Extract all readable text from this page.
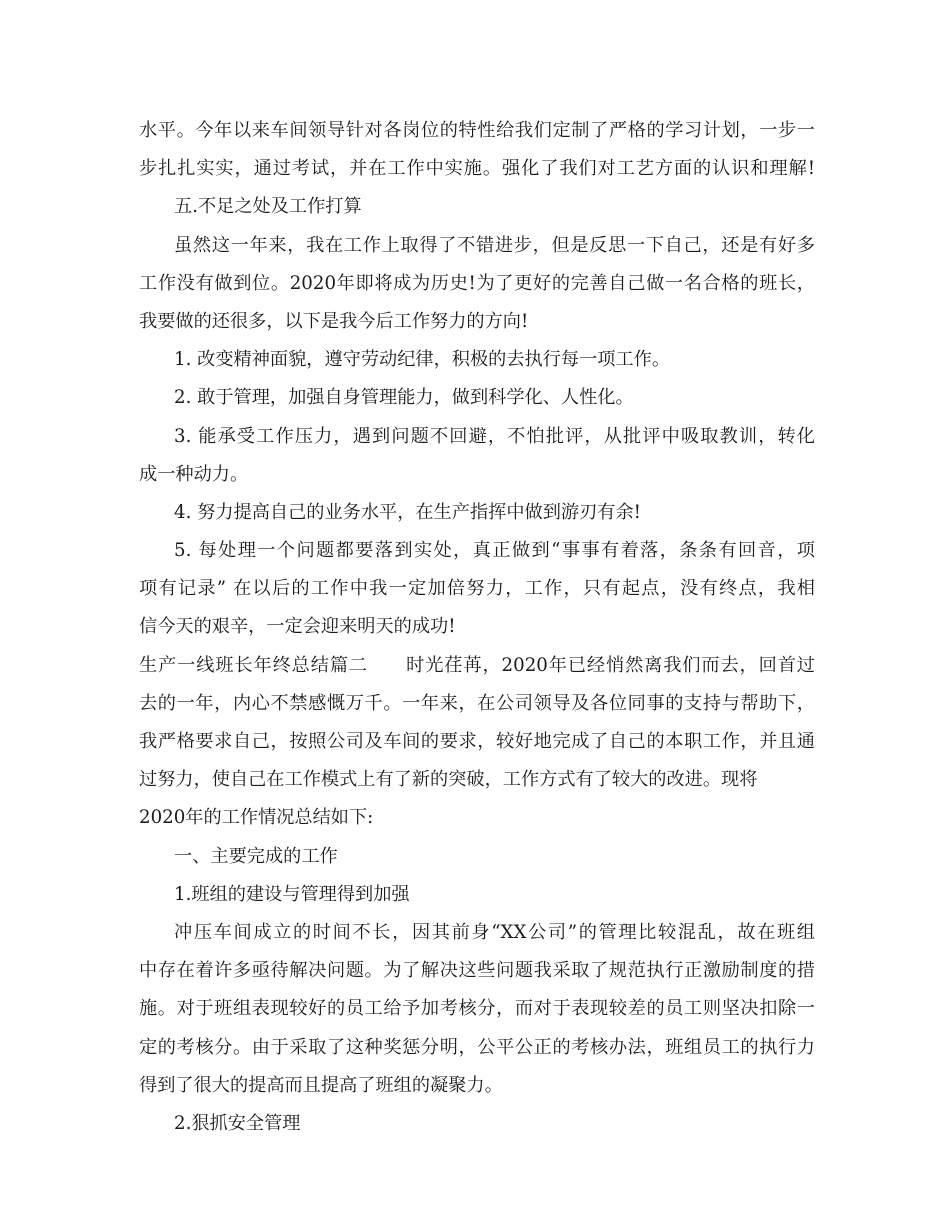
水平。今年以来车间领导针对各岗位的特性给我们定制了严格的学习计划，一步一
步扎扎实实，通过考试，并在工作中实施。强化了我们对工艺方面的认识和理解!
五.不足之处及工作打算
虽然这一年来，我在工作上取得了不错进步，但是反思一下自己，还是有好多
工作没有做到位。2020年即将成为历史!为了更好的完善自己做一名合格的班长，
我要做的还很多，以下是我今后工作努力的方向!
1. 改变精神面貌，遵守劳动纪律，积极的去执行每一项工作。
2. 敢于管理，加强自身管理能力，做到科学化、人性化。
3. 能承受工作压力，遇到问题不回避，不怕批评，从批评中吸取教训，转化
成一种动力。
4. 努力提高自己的业务水平，在生产指挥中做到游刃有余!
5. 每处理一个问题都要落到实处，真正做到“事事有着落，条条有回音，项
项有记录” 在以后的工作中我一定加倍努力，工作，只有起点，没有终点，我相
信今天的艰辛，一定会迎来明天的成功!
生产一线班长年终总结篇二　　时光荏苒，2020年已经悄然离我们而去，回首过
去的一年，内心不禁感慨万千。一年来，在公司领导及各位同事的支持与帮助下，
我严格要求自己，按照公司及车间的要求，较好地完成了自己的本职工作，并且通
过努力，使自己在工作模式上有了新的突破，工作方式有了较大的改进。现将
2020年的工作情况总结如下:
一、主要完成的工作
1.班组的建设与管理得到加强
冲压车间成立的时间不长，因其前身“XX公司”的管理比较混乱，故在班组
中存在着许多亟待解决问题。为了解决这些问题我采取了规范执行正激励制度的措
施。对于班组表现较好的员工给予加考核分，而对于表现较差的员工则坚决扣除一
定的考核分。由于采取了这种奖惩分明，公平公正的考核办法，班组员工的执行力
得到了很大的提高而且提高了班组的凝聚力。
2.狠抓安全管理
